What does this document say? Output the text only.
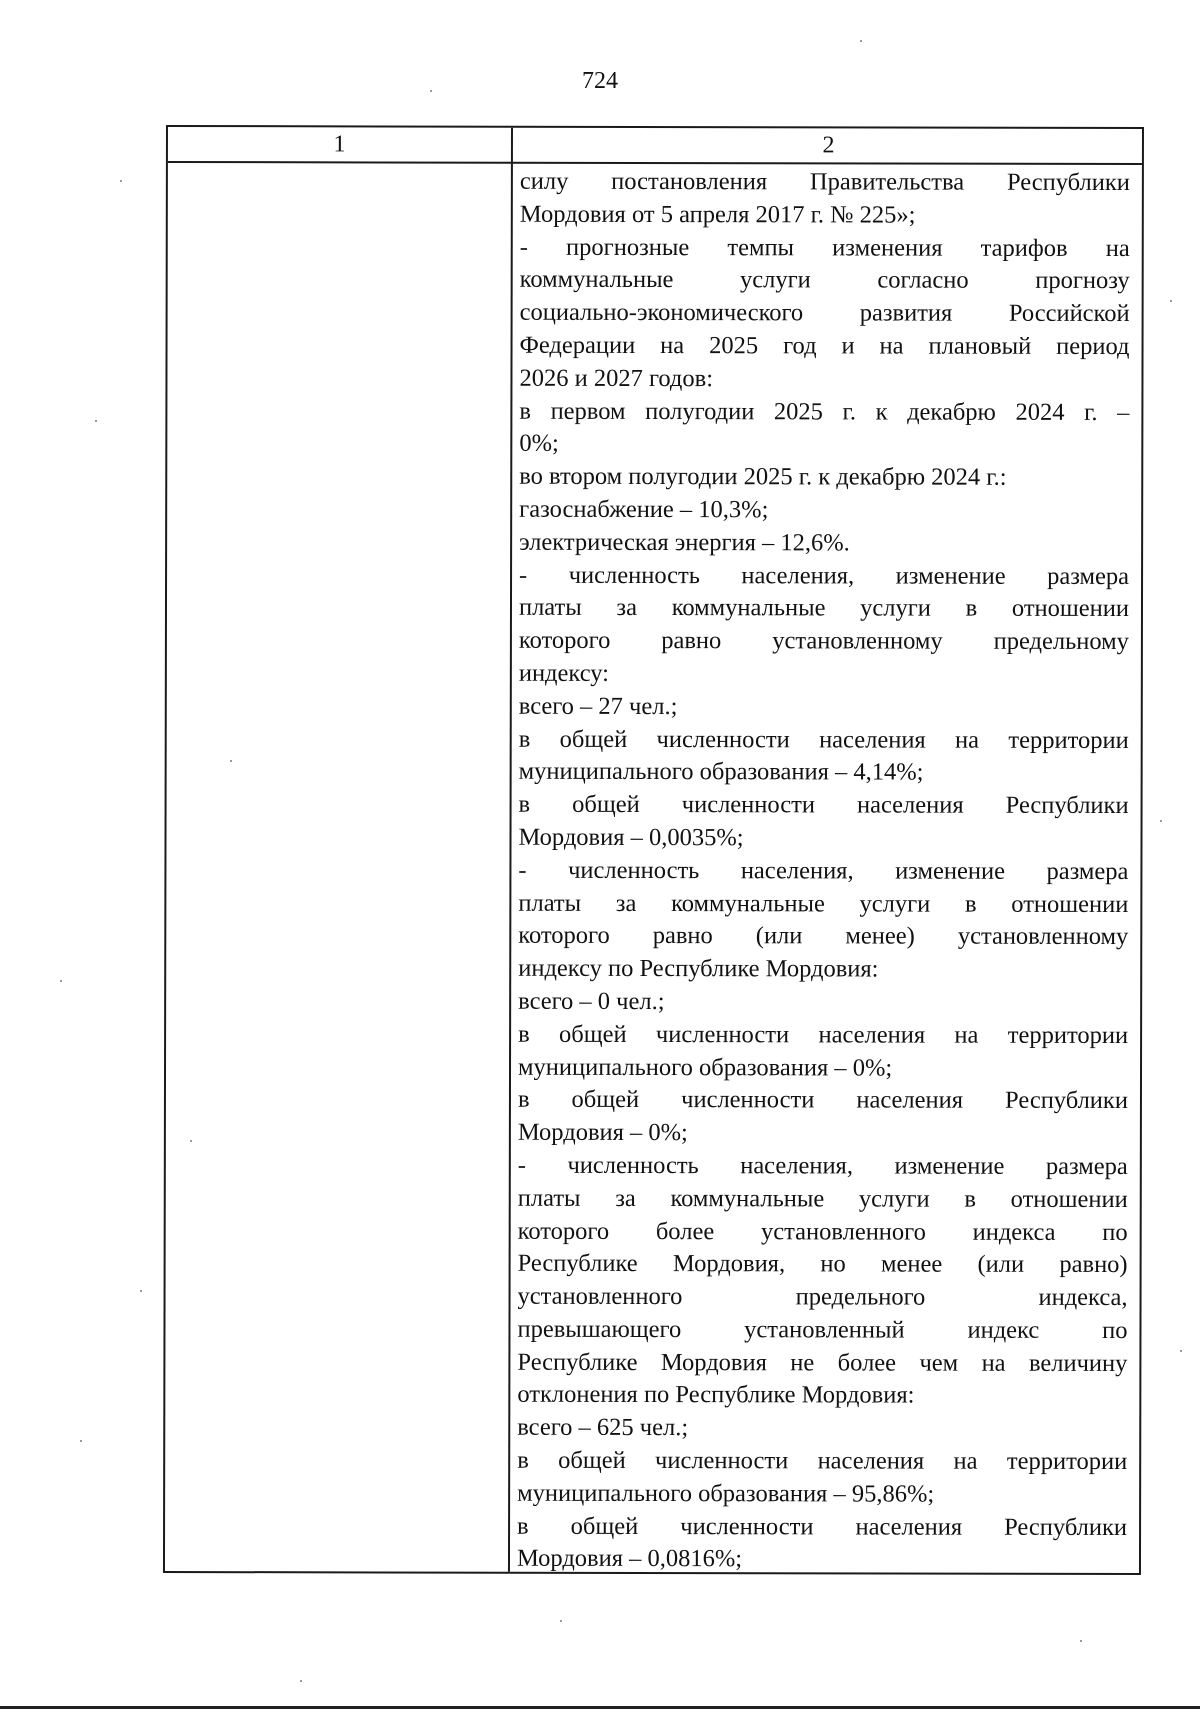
724
1	2
силу постановления Правительства Республики
Мордовия от 5 апреля 2017 г. № 225»;
- прогнозные темпы изменения тарифов на
коммунальные услуги согласно прогнозу
социально-экономического развития Российской
Федерации на 2025 год и на плановый период
2026 и 2027 годов:
в первом полугодии 2025 г. к декабрю 2024 г. –
0%;
во втором полугодии 2025 г. к декабрю 2024 г.:
газоснабжение – 10,3%;
электрическая энергия – 12,6%.
- численность населения, изменение размера
платы за коммунальные услуги в отношении
которого равно установленному предельному
индексу:
всего – 27 чел.;
в общей численности населения на территории
муниципального образования – 4,14%;
в общей численности населения Республики
Мордовия – 0,0035%;
- численность населения, изменение размера
платы за коммунальные услуги в отношении
которого равно (или менее) установленному
индексу по Республике Мордовия:
всего – 0 чел.;
в общей численности населения на территории
муниципального образования – 0%;
в общей численности населения Республики
Мордовия – 0%;
- численность населения, изменение размера
платы за коммунальные услуги в отношении
которого более установленного индекса по
Республике Мордовия, но менее (или равно)
установленного предельного индекса,
превышающего установленный индекс по
Республике Мордовия не более чем на величину
отклонения по Республике Мордовия:
всего – 625 чел.;
в общей численности населения на территории
муниципального образования – 95,86%;
в общей численности населения Республики
Мордовия – 0,0816%;
